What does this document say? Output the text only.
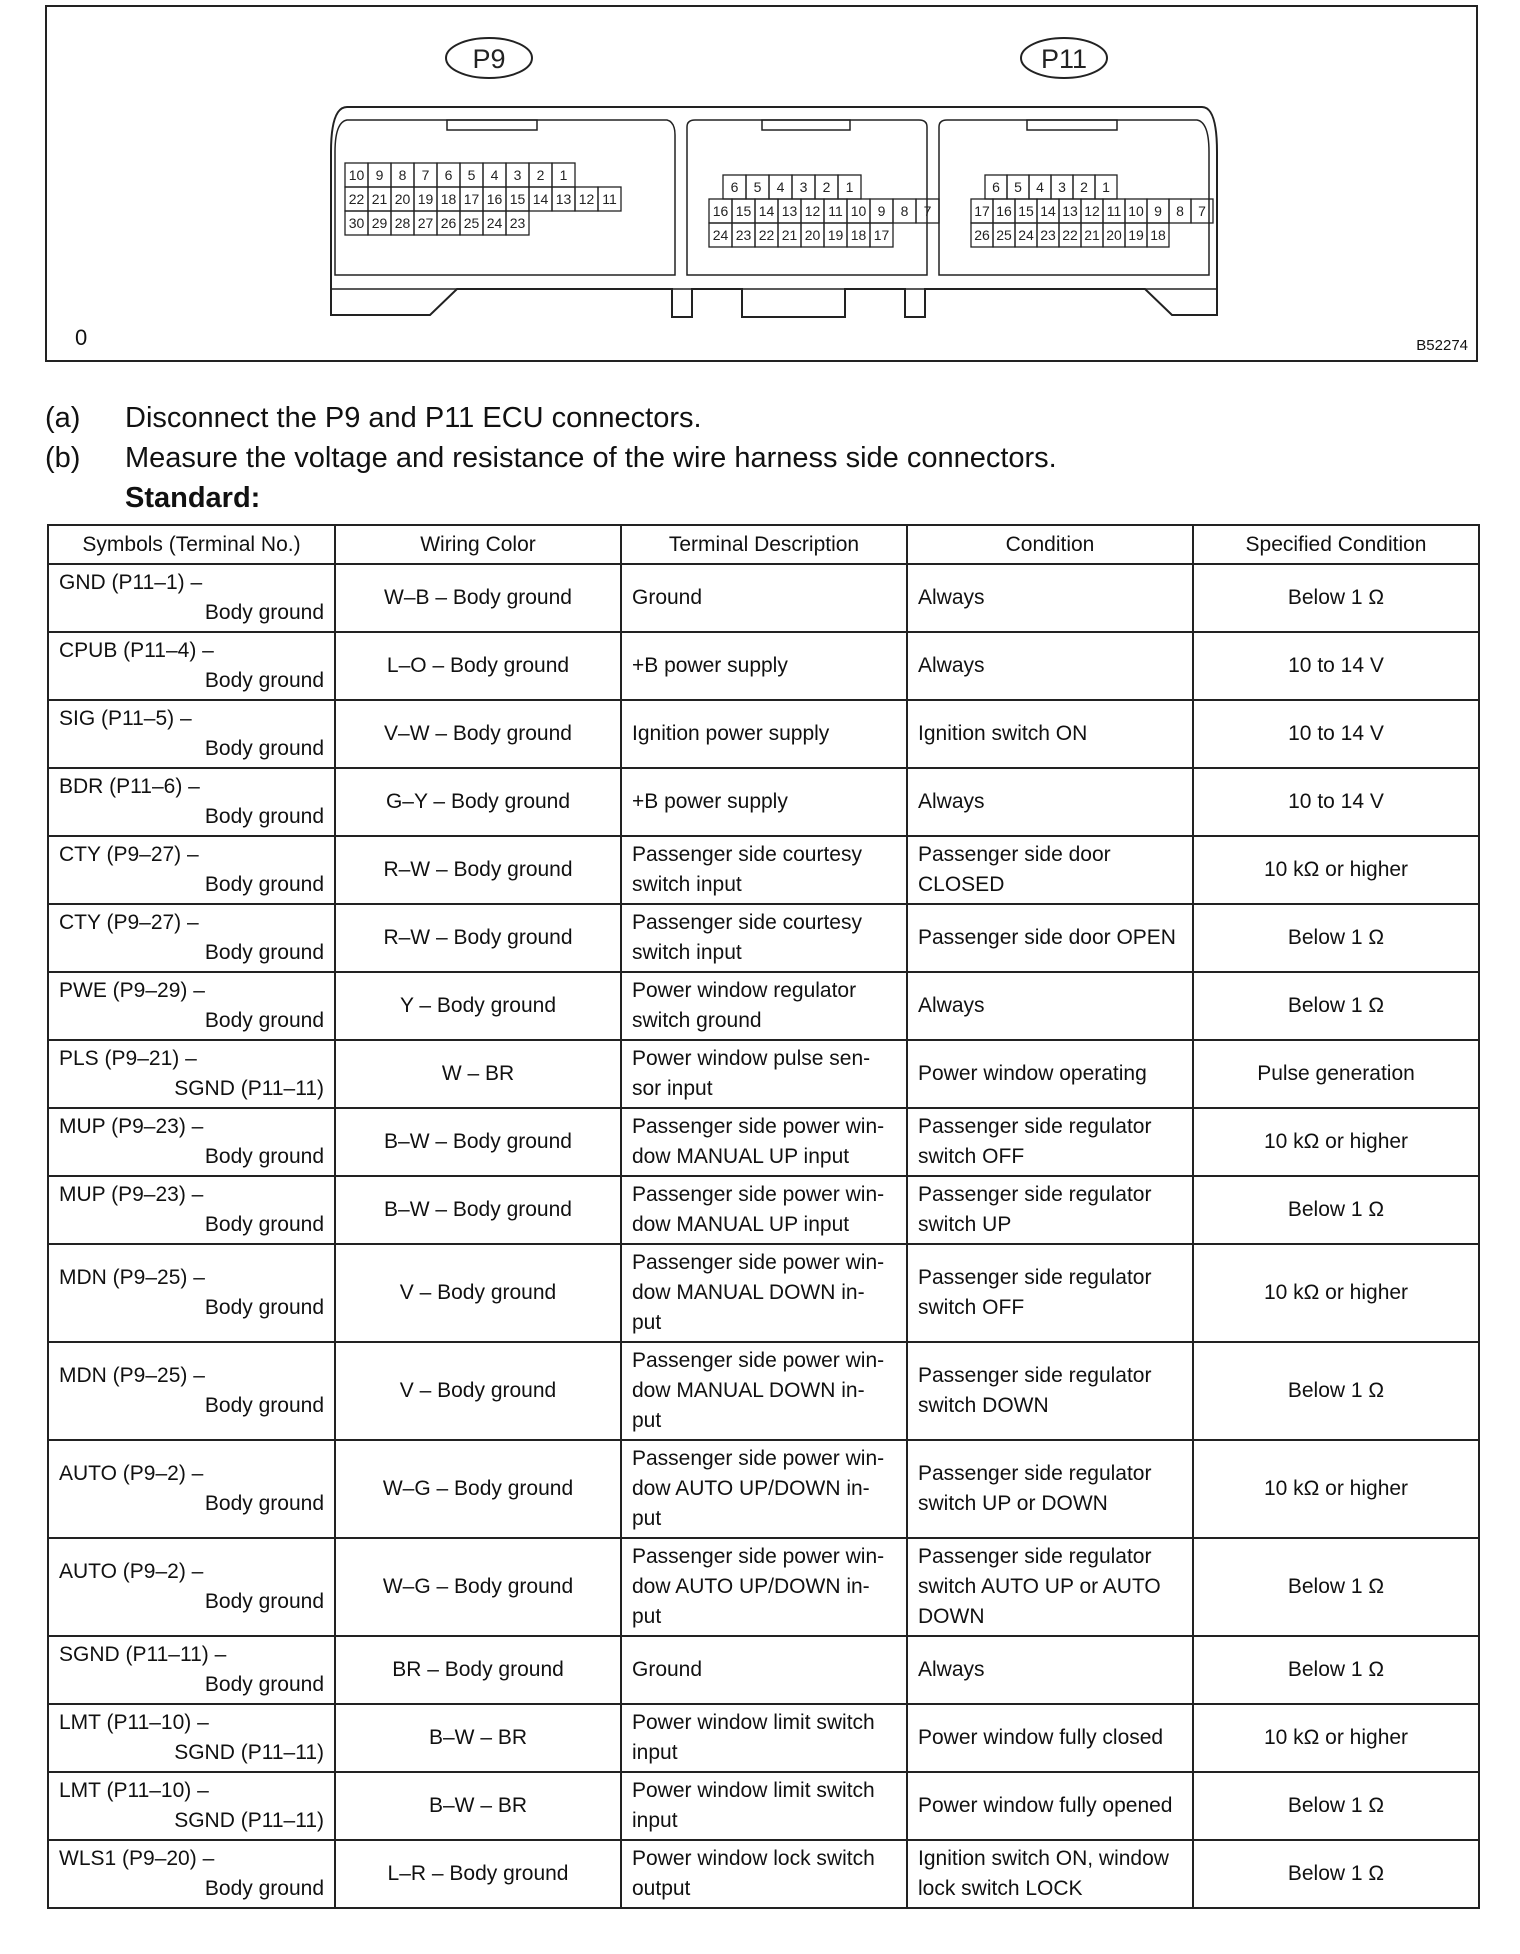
P9	P11
10 9 8 7 6 5 4 3 2 1
22 21 20 19 18 17 16 15 14 13 12 11
30 29 28 27 26 25 24 23
6 5 4 3 2 1
16 15 14 13 12 11 10 9 8 7
24 23 22 21 20 19 18 17
6 5 4 3 2 1
17 16 15 14 13 12 11 10 9 8 7
26 25 24 23 22 21 20 19 18
0	B52274
(a) Disconnect the P9 and P11 ECU connectors.
(b) Measure the voltage and resistance of the wire harness side connectors.
Standard:
Symbols (Terminal No.)	Wiring Color	Terminal Description	Condition	Specified Condition

GND (P11–1) –
Body ground	W–B – Body ground	Ground	Always	Below 1 Ω

CPUB (P11–4) –
Body ground	L–O – Body ground	+B power supply	Always	10 to 14 V

SIG (P11–5) –
Body ground	V–W – Body ground	Ignition power supply	Ignition switch ON	10 to 14 V

BDR (P11–6) –
Body ground	G–Y – Body ground	+B power supply	Always	10 to 14 V

CTY (P9–27) –
Body ground	R–W – Body ground	Passenger side courtesy switch input	Passenger side door CLOSED	10 kΩ or higher

CTY (P9–27) –
Body ground	R–W – Body ground	Passenger side courtesy switch input	Passenger side door OPEN	Below 1 Ω

PWE (P9–29) –
Body ground	Y – Body ground	Power window regulator switch ground	Always	Below 1 Ω

PLS (P9–21) –
SGND (P11–11)	W – BR	Power window pulse sen- sor input	Power window operating	Pulse generation

MUP (P9–23) –
Body ground	B–W – Body ground	Passenger side power win- dow MANUAL UP input	Passenger side regulator switch OFF	10 kΩ or higher

MUP (P9–23) –
Body ground	B–W – Body ground	Passenger side power win- dow MANUAL UP input	Passenger side regulator switch UP	Below 1 Ω

MDN (P9–25) –
Body ground	V – Body ground	Passenger side power win- dow MANUAL DOWN in- put	Passenger side regulator switch OFF	10 kΩ or higher

MDN (P9–25) –
Body ground	V – Body ground	Passenger side power win- dow MANUAL DOWN in- put	Passenger side regulator switch DOWN	Below 1 Ω

AUTO (P9–2) –
Body ground	W–G – Body ground	Passenger side power win- dow AUTO UP/DOWN in- put	Passenger side regulator switch UP or DOWN	10 kΩ or higher

AUTO (P9–2) –
Body ground	W–G – Body ground	Passenger side power win- dow AUTO UP/DOWN in- put	Passenger side regulator switch AUTO UP or AUTO DOWN	Below 1 Ω

SGND (P11–11) –
Body ground	BR – Body ground	Ground	Always	Below 1 Ω

LMT (P11–10) –
SGND (P11–11)	B–W – BR	Power window limit switch input	Power window fully closed	10 kΩ or higher

LMT (P11–10) –
SGND (P11–11)	B–W – BR	Power window limit switch input	Power window fully opened	Below 1 Ω

WLS1 (P9–20) –
Body ground	L–R – Body ground	Power window lock switch output	Ignition switch ON, window lock switch LOCK	Below 1 Ω
